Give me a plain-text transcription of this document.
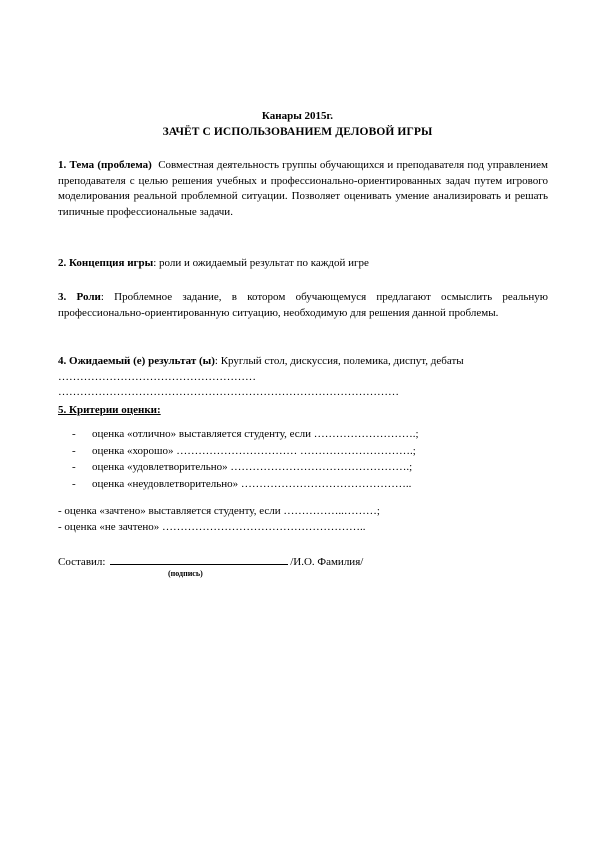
Канары 2015г.
ЗАЧЁТ С ИСПОЛЬЗОВАНИЕМ ДЕЛОВОЙ ИГРЫ
1. Тема (проблема) Совместная деятельность группы обучающихся и преподавателя под управлением преподавателя с целью решения учебных и профессионально-ориентированных задач путем игрового моделирования реальной проблемной ситуации. Позволяет оценивать умение анализировать и решать типичные профессиональные задачи.
2. Концепция игры: роли и ожидаемый результат по каждой игре
3. Роли: Проблемное задание, в котором обучающемуся предлагают осмыслить реальную профессионально-ориентированную ситуацию, необходимую для решения данной проблемы.
4. Ожидаемый (е) результат (ы): Круглый стол, дискуссия, полемика, диспут, дебаты
………………………………………………
…………………………………………………………………………………
5. Критерии оценки:
-	оценка «отлично» выставляется студенту, если ……………………….;
-	оценка «хорошо» …………………………… ………………………….;
-	оценка «удовлетворительно» ………………………………………….;
-	оценка «неудовлетворительно» ………………………………………..
- оценка «зачтено» выставляется студенту, если ……………..………;
- оценка «не зачтено» ………………………………………………..
Составил:	/И.О. Фамилия/
(подпись)
